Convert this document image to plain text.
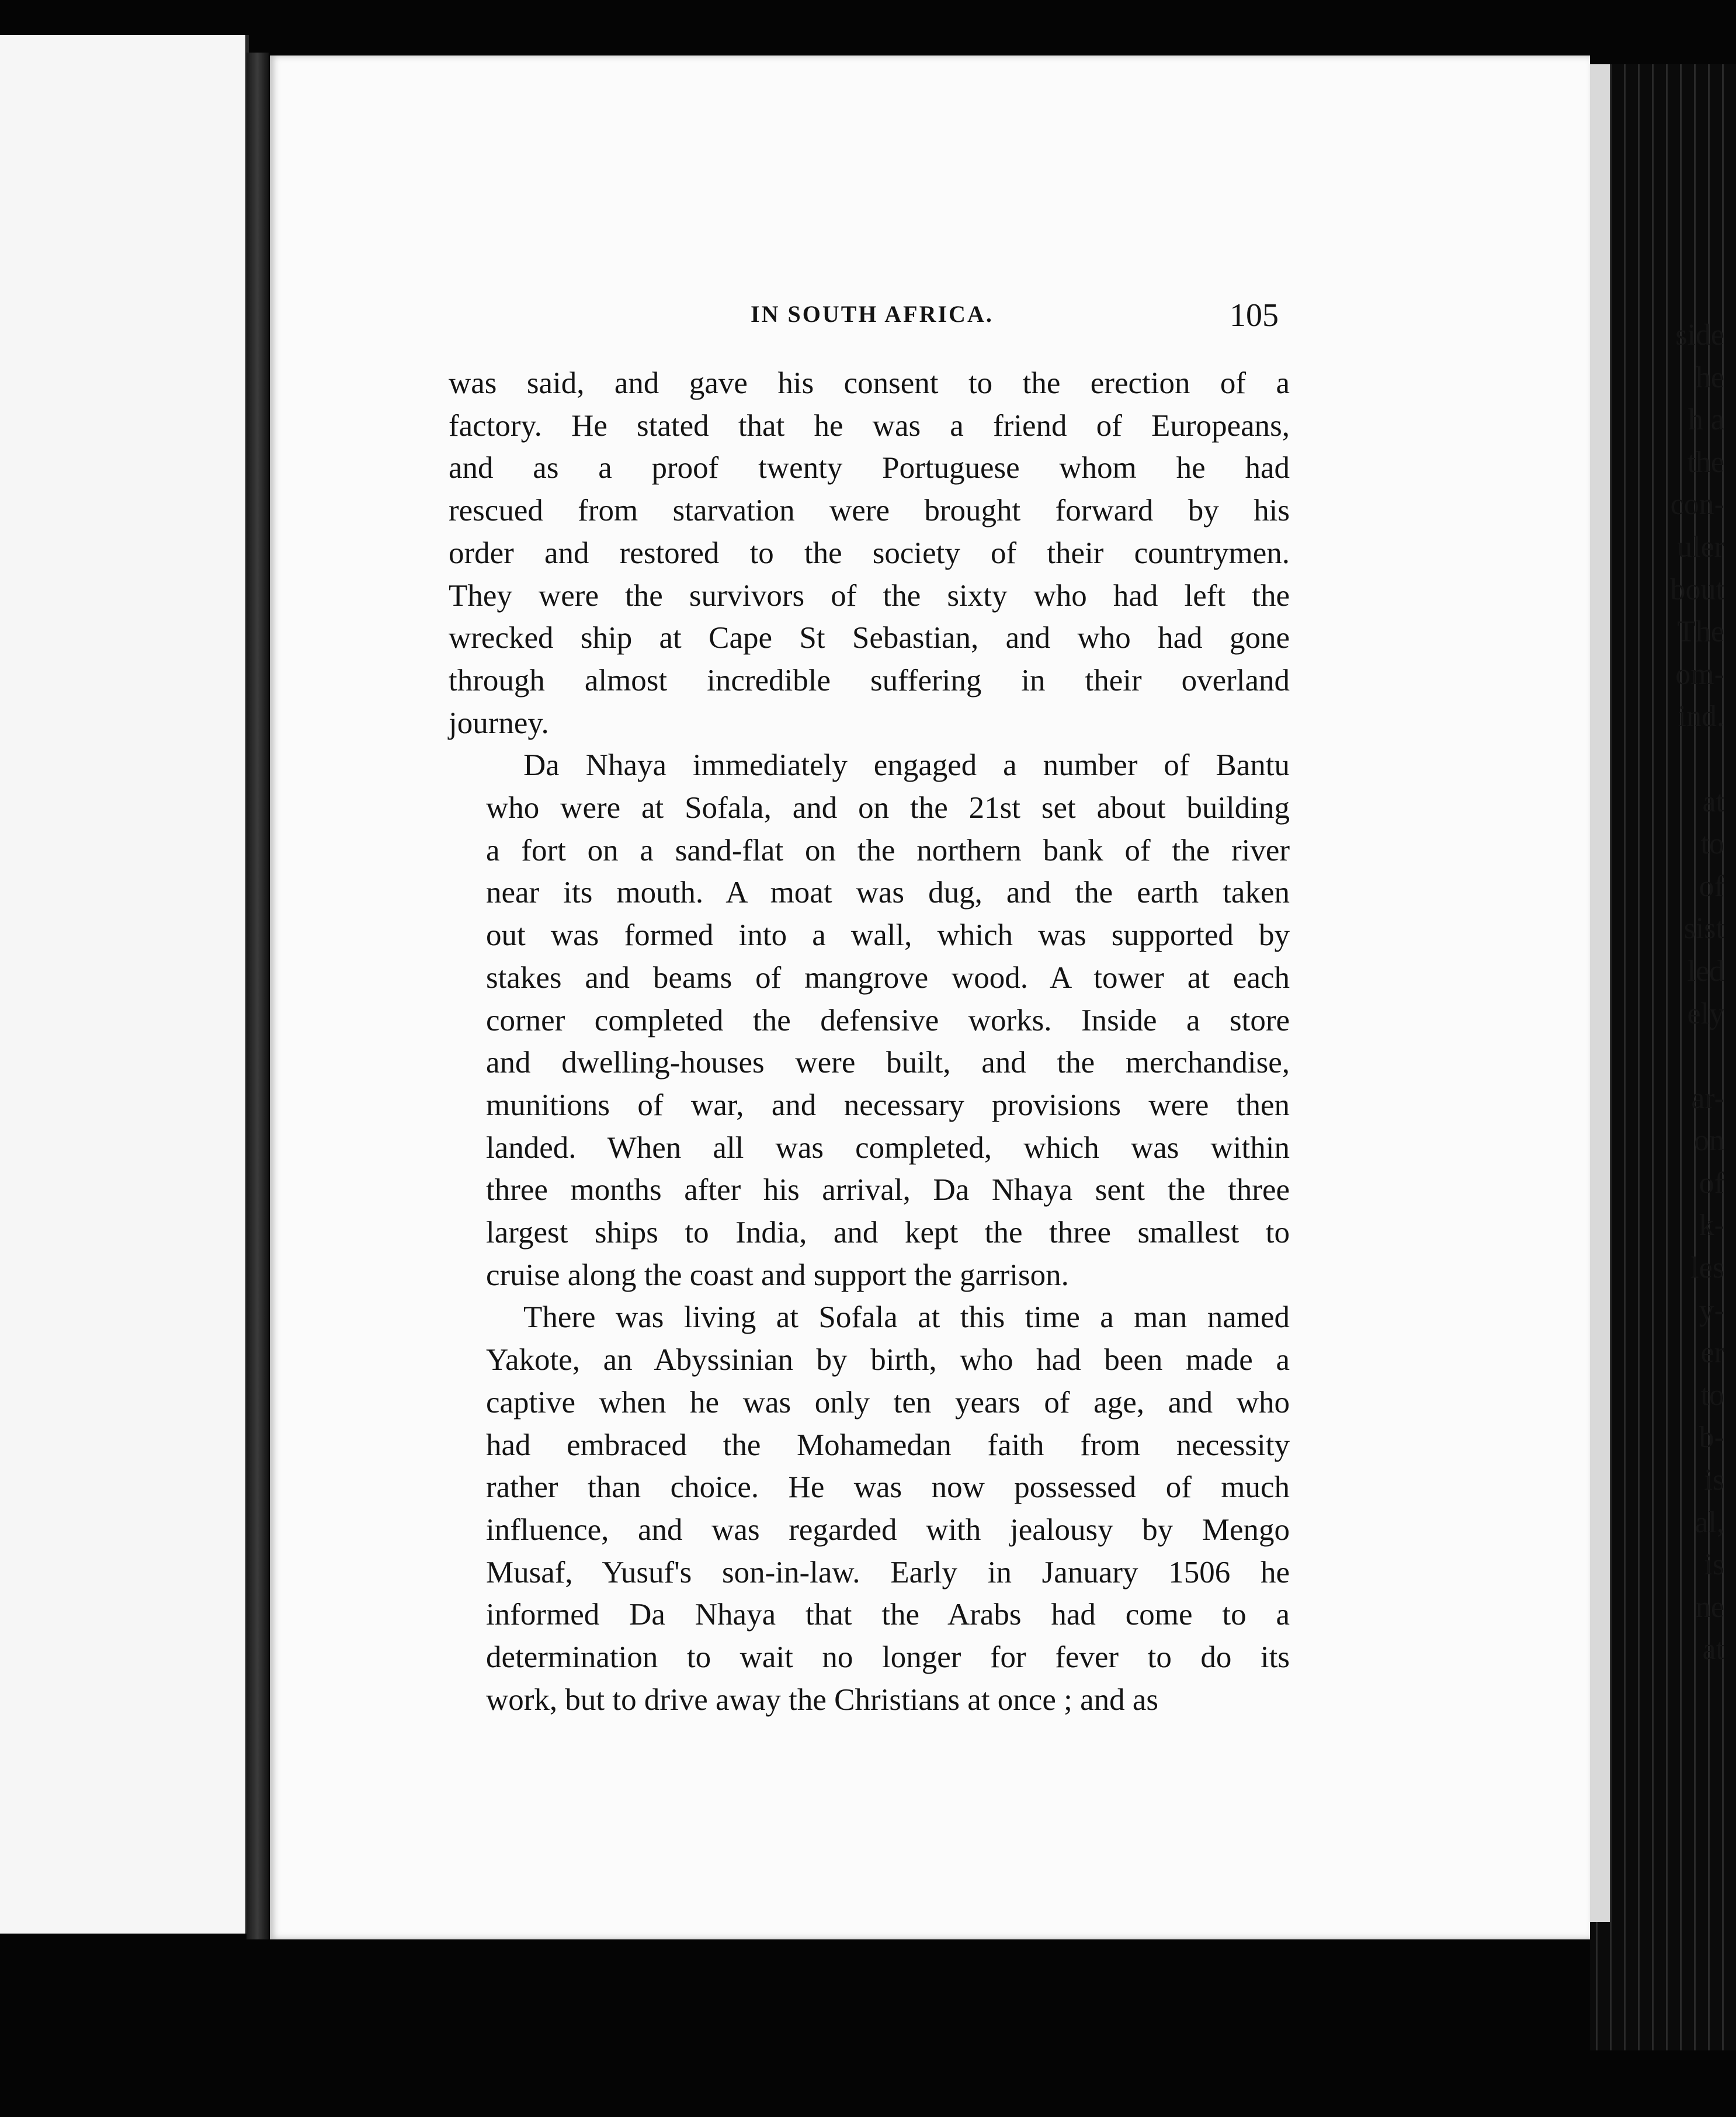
side
he
h a
the
con-
uler
bout
The
om-
ind.

at
to
of
sist
led
ely

ar-
on
of
k-
les
y-
er
to
b-
is
al,
is
ne
at
IN SOUTH AFRICA.	105

was said, and gave his consent to the erection of a
factory. He stated that he was a friend of Europeans,
and as a proof twenty Portuguese whom he had
rescued from starvation were brought forward by his
order and restored to the society of their countrymen.
They were the survivors of the sixty who had left the
wrecked ship at Cape St Sebastian, and who had gone
through almost incredible suffering in their overland
journey.

Da Nhaya immediately engaged a number of Bantu
who were at Sofala, and on the 21st set about building
a fort on a sand-flat on the northern bank of the river
near its mouth. A moat was dug, and the earth taken
out was formed into a wall, which was supported by
stakes and beams of mangrove wood. A tower at each
corner completed the defensive works. Inside a store
and dwelling-houses were built, and the merchandise,
munitions of war, and necessary provisions were then
landed. When all was completed, which was within
three months after his arrival, Da Nhaya sent the three
largest ships to India, and kept the three smallest to
cruise along the coast and support the garrison.

There was living at Sofala at this time a man named
Yakote, an Abyssinian by birth, who had been made a
captive when he was only ten years of age, and who
had embraced the Mohamedan faith from necessity
rather than choice. He was now possessed of much
influence, and was regarded with jealousy by Mengo
Musaf, Yusuf's son-in-law. Early in January 1506 he
informed Da Nhaya that the Arabs had come to a
determination to wait no longer for fever to do its
work, but to drive away the Christians at once ; and as
